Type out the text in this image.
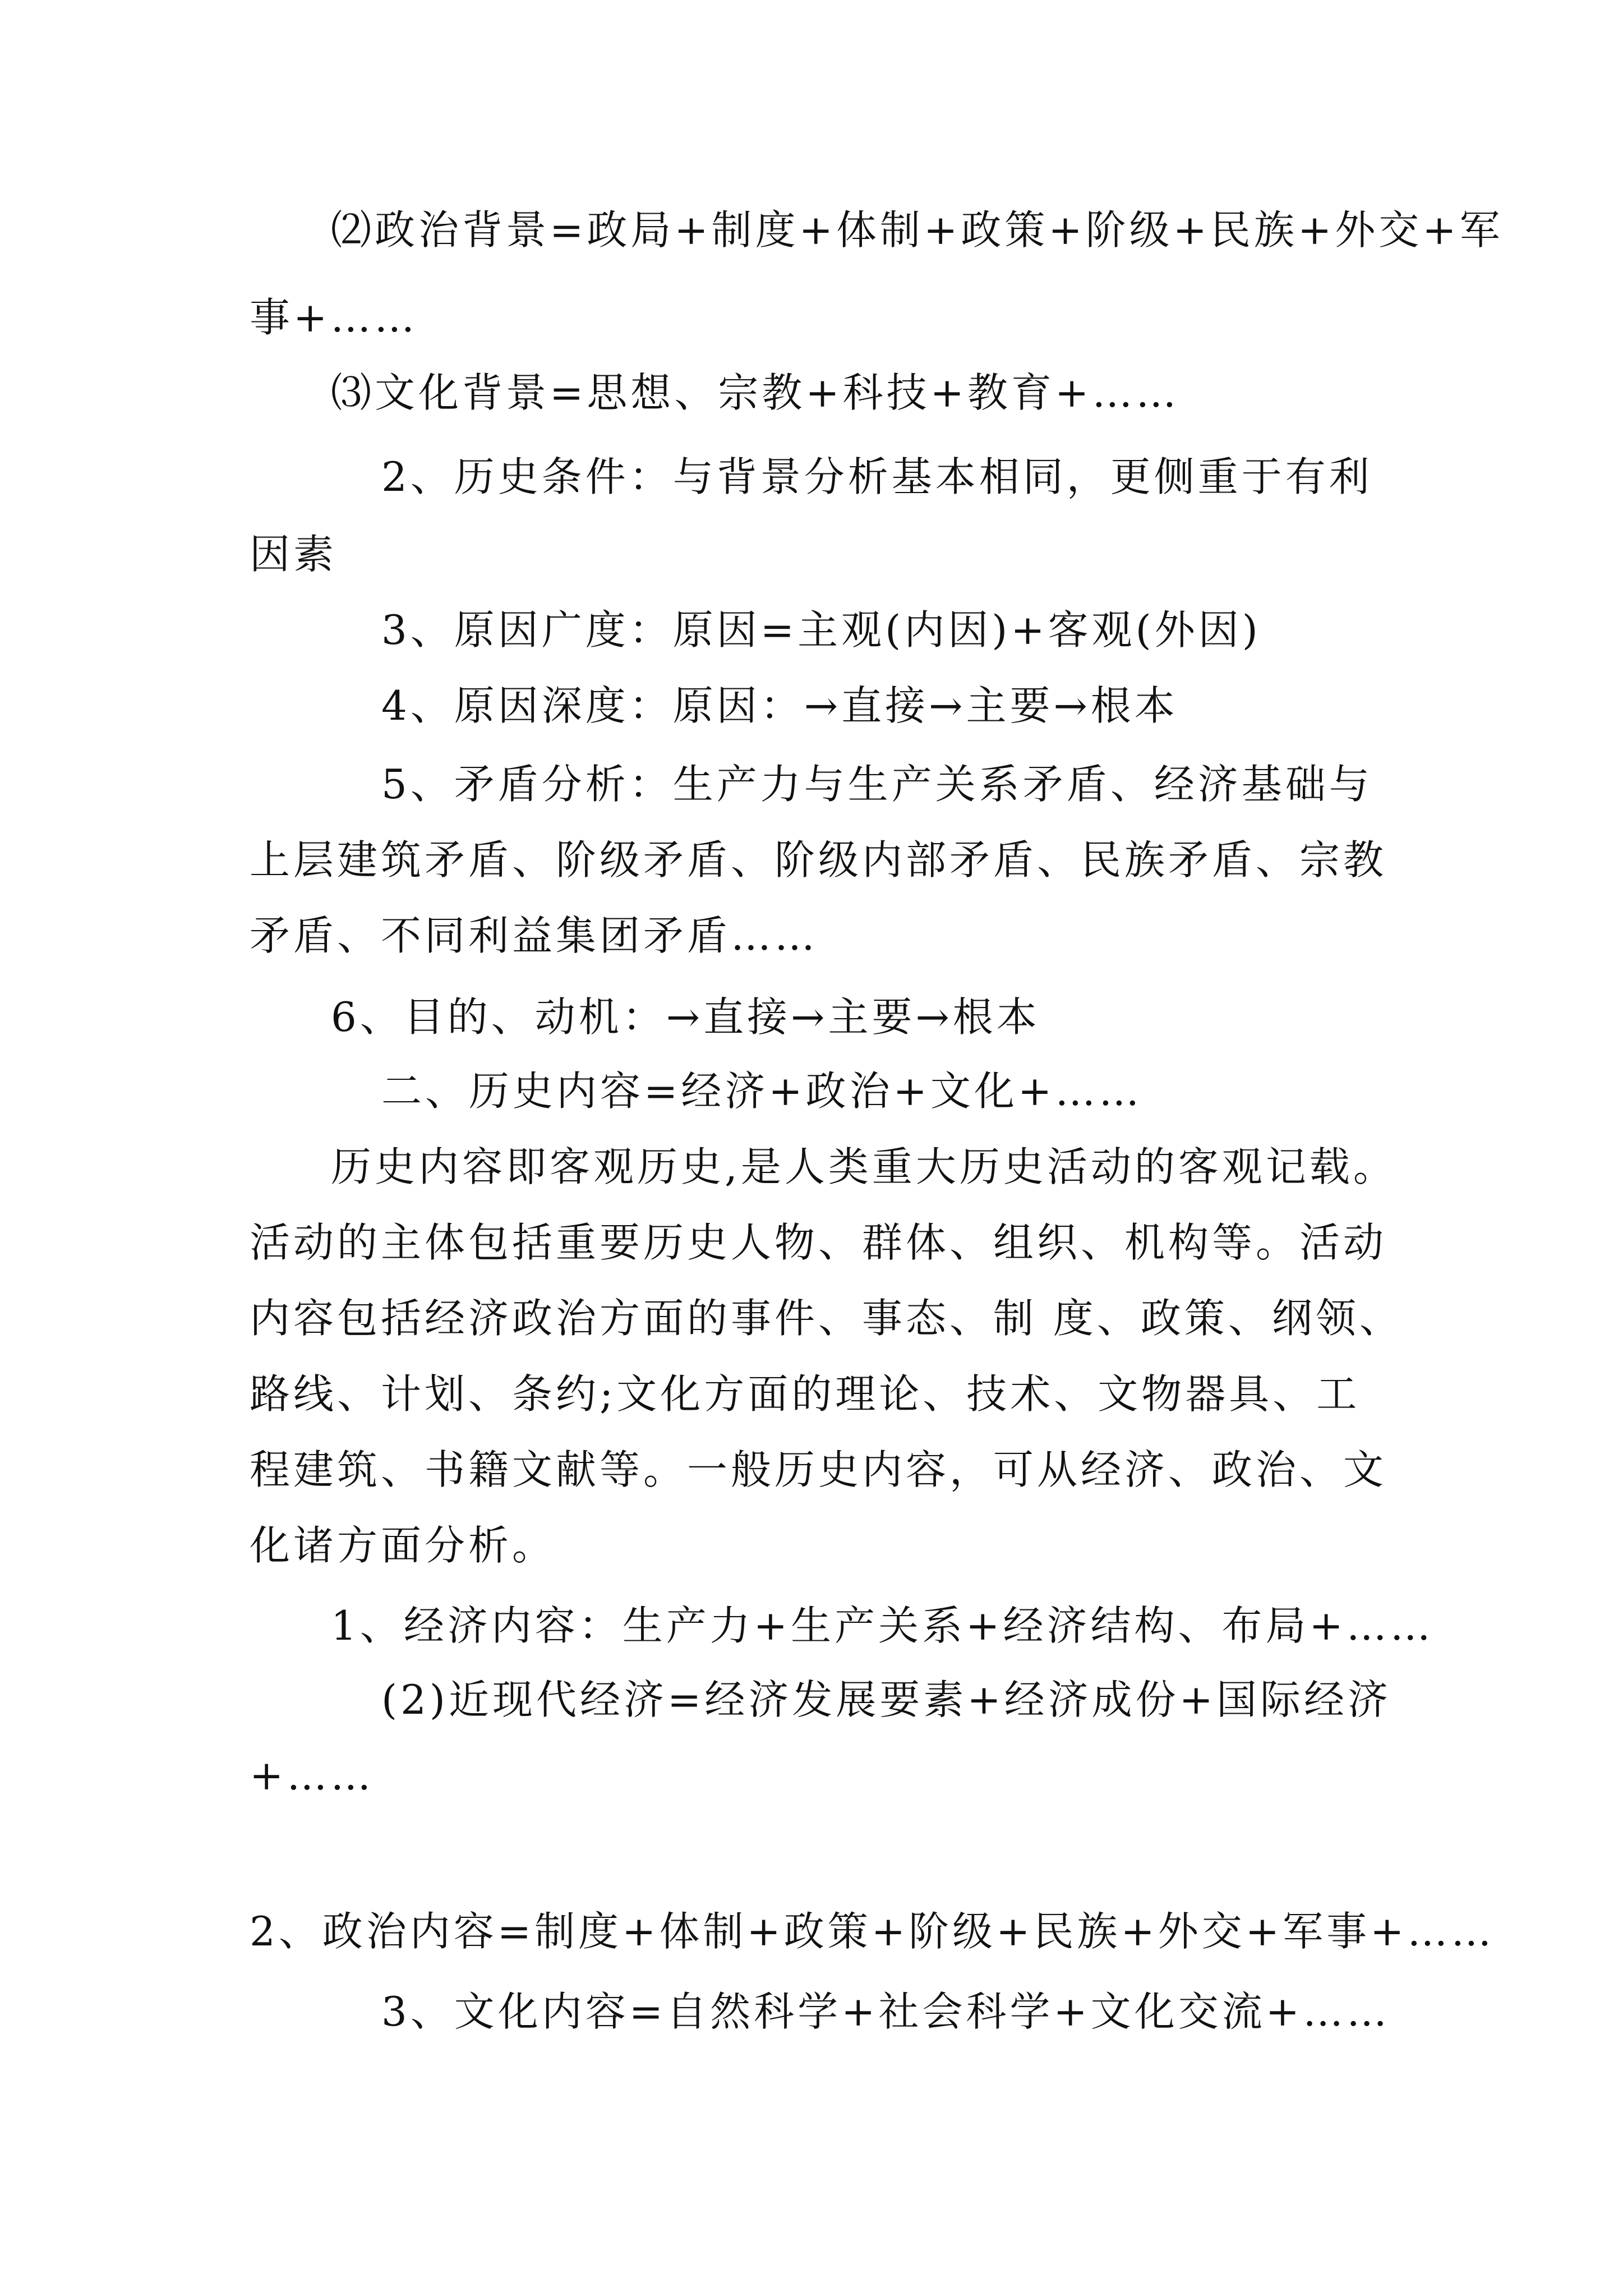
⑵政治背景=政局+制度+体制+政策+阶级+民族+外交+军
事+……
⑶文化背景=思想、宗教+科技+教育+……
2、历史条件：与背景分析基本相同，更侧重于有利
因素
3、原因广度：原因=主观(内因)+客观(外因)
4、原因深度：原因：→直接→主要→根本
5、矛盾分析：生产力与生产关系矛盾、经济基础与
上层建筑矛盾、阶级矛盾、阶级内部矛盾、民族矛盾、宗教
矛盾、不同利益集团矛盾……
6、目的、动机：→直接→主要→根本
二、历史内容=经济+政治+文化+……
历史内容即客观历史,是人类重大历史活动的客观记载。
活动的主体包括重要历史人物、群体、组织、机构等。活动
内容包括经济政治方面的事件、事态、制 度、政策、纲领、
路线、计划、条约;文化方面的理论、技术、文物器具、工
程建筑、书籍文献等。一般历史内容，可从经济、政治、文
化诸方面分析。
1、经济内容：生产力+生产关系+经济结构、布局+……
(2)近现代经济=经济发展要素+经济成份+国际经济
+……
2、政治内容=制度+体制+政策+阶级+民族+外交+军事+……
3、文化内容=自然科学+社会科学+文化交流+……
